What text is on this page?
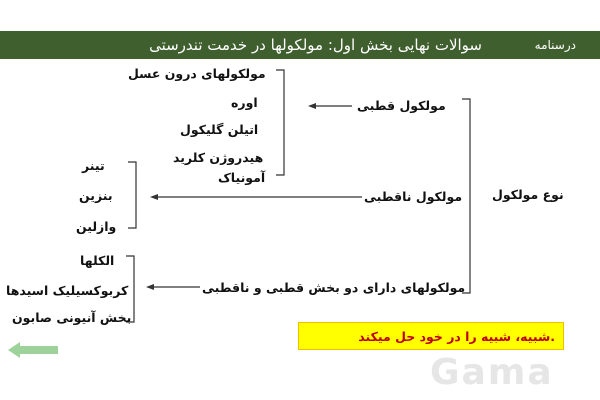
سوالات نهایی بخش اول: مولکولها در خدمت تندرستی	درسنامه
نوع مولکول
مولکول قطبی
مولکول ناقطبی
مولکولهای دارای دو بخش قطبی و ناقطبی
مولکولهای درون عسل
اوره
اتیلن گلیکول
هیدروژن کلرید
آمونیاک
تینر
بنزین
وازلین
الکلها
کربوکسیلیک اسیدها
بخش آنیونی صابون
.شبیه، شبیه را در خود حل میکند
Gama
